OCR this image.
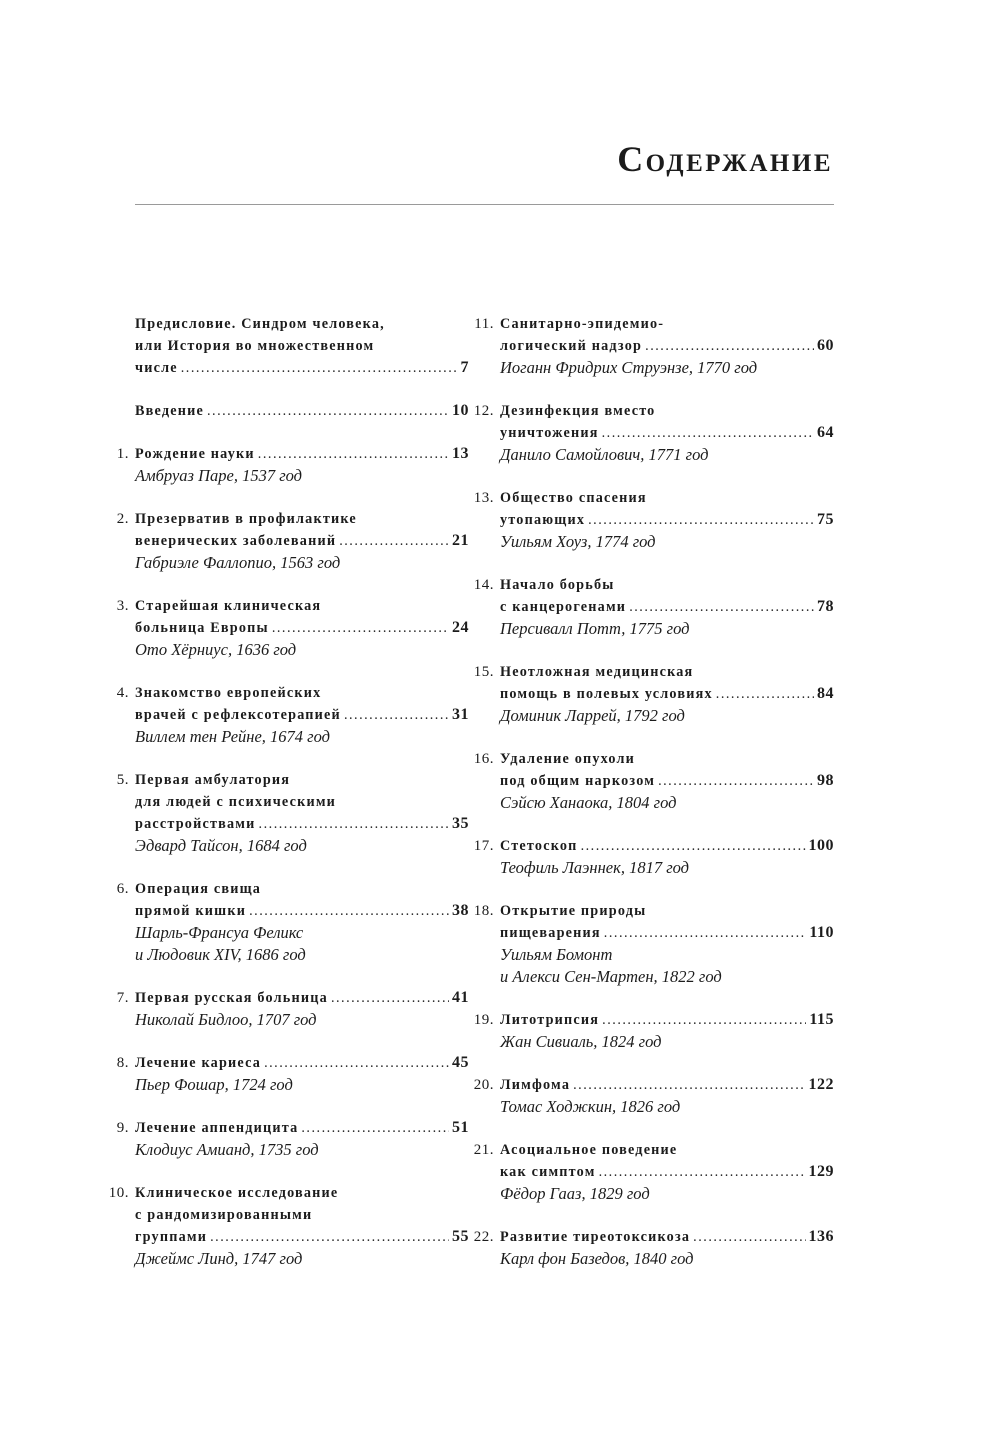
Содержание
Предисловие. Синдром человека,
или История во множественном
числе .....	7
Введение .....	10
1. Рождение науки .....	13
Амбруаз Паре, 1537 год
2. Презерватив в профилактике
венерических заболеваний .....	21
Габриэле Фаллопио, 1563 год
3. Старейшая клиническая
больница Европы .....	24
Ото Хёрниус, 1636 год
4. Знакомство европейских
врачей с рефлексотерапией .....	31
Виллем тен Рейне, 1674 год
5. Первая амбулатория
для людей с психическими
расстройствами .....	35
Эдвард Тайсон, 1684 год
6. Операция свища
прямой кишки .....	38
Шарль-Франсуа Феликс
и Людовик XIV, 1686 год
7. Первая русская больница .....	41
Николай Бидлоо, 1707 год
8. Лечение кариеса .....	45
Пьер Фошар, 1724 год
9. Лечение аппендицита .....	51
Клодиус Амианд, 1735 год
10. Клиническое исследование
с рандомизированными
группами .....	55
Джеймс Линд, 1747 год
11. Санитарно-эпидемио-
логический надзор .....	60
Иоганн Фридрих Струэнзе, 1770 год
12. Дезинфекция вместо
уничтожения .....	64
Данило Самойлович, 1771 год
13. Общество спасения
утопающих .....	75
Уильям Хоуз, 1774 год
14. Начало борьбы
с канцерогенами .....	78
Персивалл Потт, 1775 год
15. Неотложная медицинская
помощь в полевых условиях .....	84
Доминик Ларрей, 1792 год
16. Удаление опухоли
под общим наркозом .....	98
Сэйсю Ханаока, 1804 год
17. Стетоскоп .....	100
Теофиль Лаэннек, 1817 год
18. Открытие природы
пищеварения .....	110
Уильям Бомонт
и Алекси Сен-Мартен, 1822 год
19. Литотрипсия .....	115
Жан Сивиаль, 1824 год
20. Лимфома .....	122
Томас Ходжкин, 1826 год
21. Асоциальное поведение
как симптом .....	129
Фёдор Гааз, 1829 год
22. Развитие тиреотоксикоза .....	136
Карл фон Базедов, 1840 год
